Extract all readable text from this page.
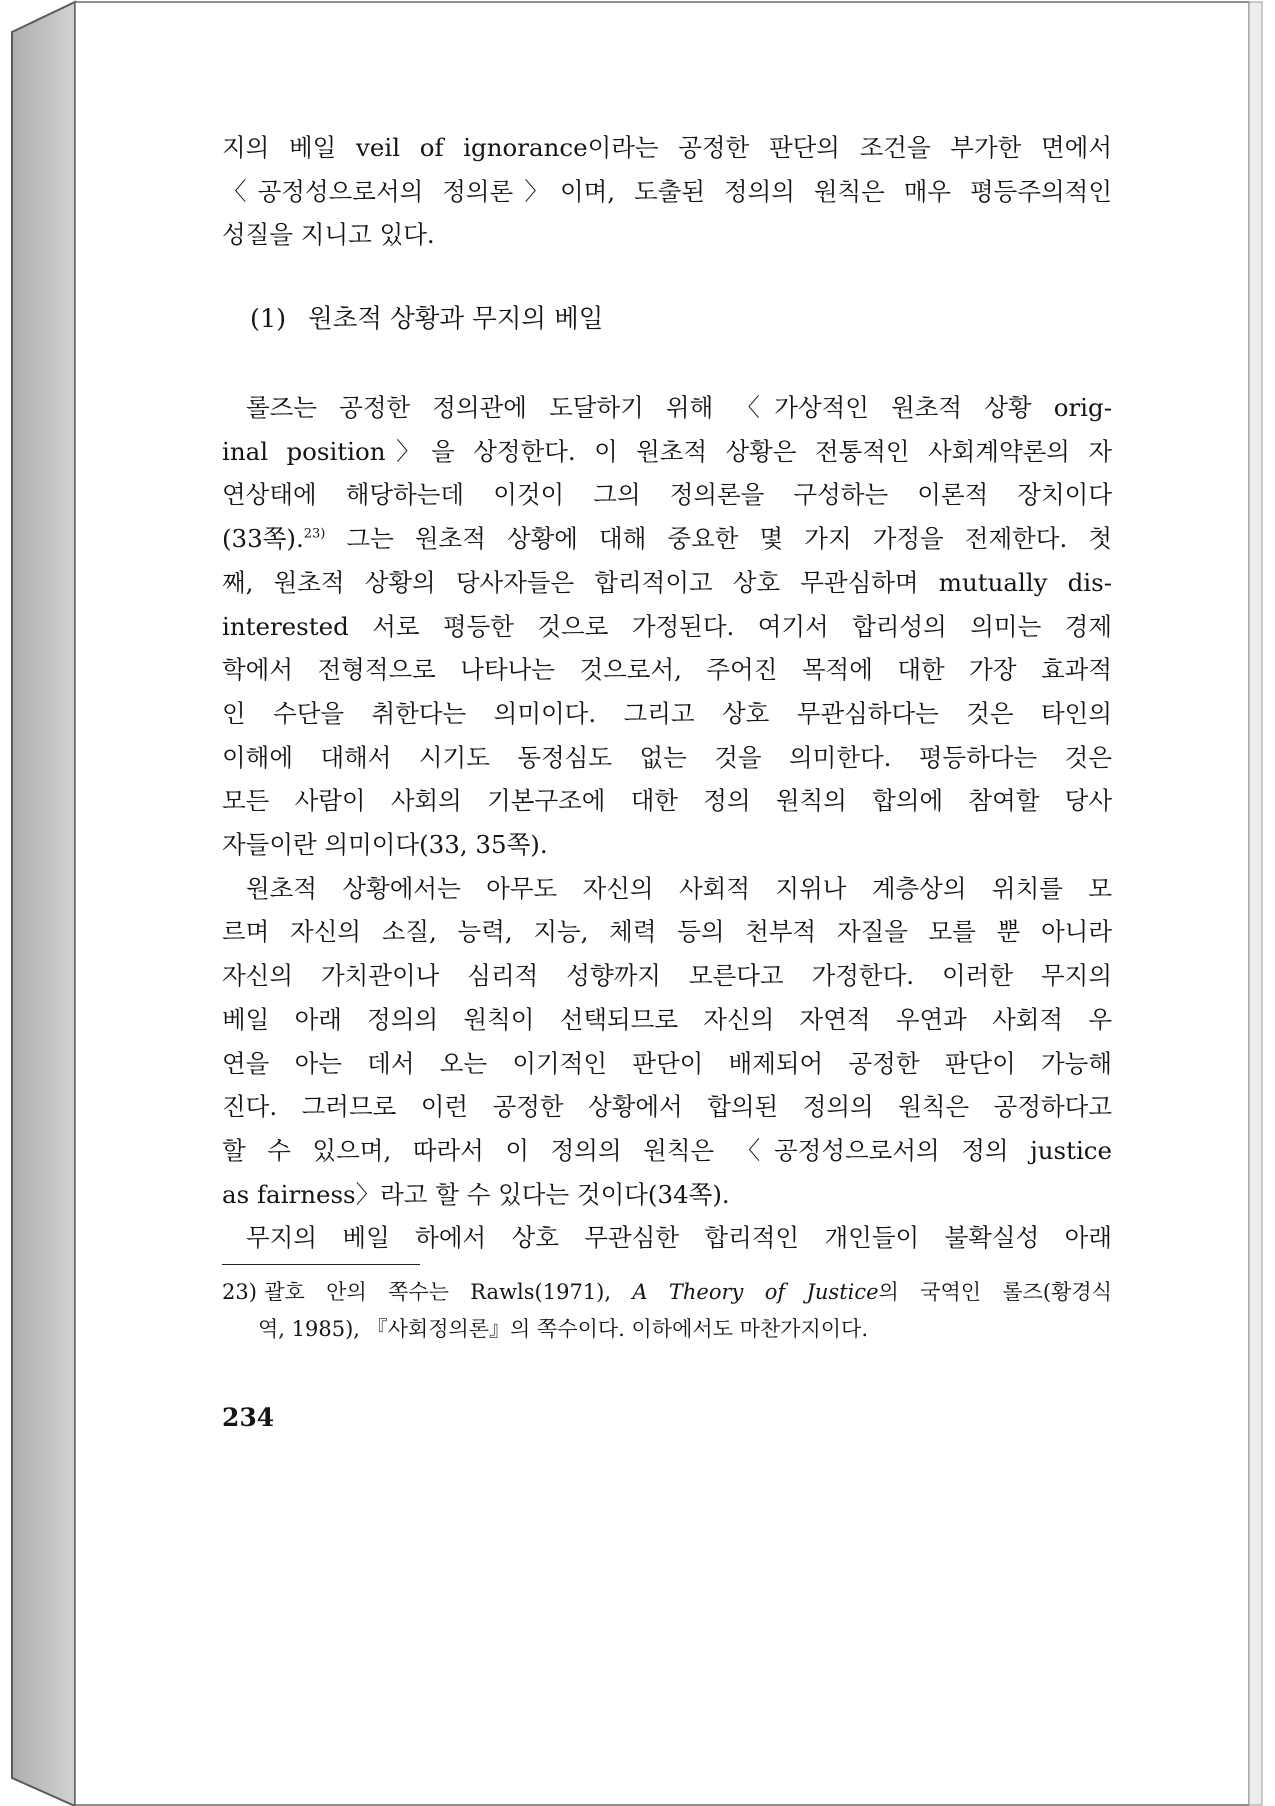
지의 베일 veil of ignorance이라는 공정한 판단의 조건을 부가한 면에서
〈공정성으로서의 정의론〉이며, 도출된 정의의 원칙은 매우 평등주의적인
성질을 지니고 있다.
(1) 원초적 상황과 무지의 베일
롤즈는 공정한 정의관에 도달하기 위해 〈가상적인 원초적 상황 orig-
inal position〉을 상정한다. 이 원초적 상황은 전통적인 사회계약론의 자
연상태에 해당하는데 이것이 그의 정의론을 구성하는 이론적 장치이다
(33쪽).$^{23)}$ 그는 원초적 상황에 대해 중요한 몇 가지 가정을 전제한다. 첫
째, 원초적 상황의 당사자들은 합리적이고 상호 무관심하며 mutually dis-
interested 서로 평등한 것으로 가정된다. 여기서 합리성의 의미는 경제
학에서 전형적으로 나타나는 것으로서, 주어진 목적에 대한 가장 효과적
인 수단을 취한다는 의미이다. 그리고 상호 무관심하다는 것은 타인의
이해에 대해서 시기도 동정심도 없는 것을 의미한다. 평등하다는 것은
모든 사람이 사회의 기본구조에 대한 정의 원칙의 합의에 참여할 당사
자들이란 의미이다(33, 35쪽).
원초적 상황에서는 아무도 자신의 사회적 지위나 계층상의 위치를 모
르며 자신의 소질, 능력, 지능, 체력 등의 천부적 자질을 모를 뿐 아니라
자신의 가치관이나 심리적 성향까지 모른다고 가정한다. 이러한 무지의
베일 아래 정의의 원칙이 선택되므로 자신의 자연적 우연과 사회적 우
연을 아는 데서 오는 이기적인 판단이 배제되어 공정한 판단이 가능해
진다. 그러므로 이런 공정한 상황에서 합의된 정의의 원칙은 공정하다고
할 수 있으며, 따라서 이 정의의 원칙은 〈공정성으로서의 정의 justice
as fairness〉라고 할 수 있다는 것이다(34쪽).
무지의 베일 하에서 상호 무관심한 합리적인 개인들이 불확실성 아래
23) 괄호 안의 쪽수는 Rawls(1971), A Theory of Justice의 국역인 롤즈(황경식
역, 1985), 『사회정의론』의 쪽수이다. 이하에서도 마찬가지이다.
234
